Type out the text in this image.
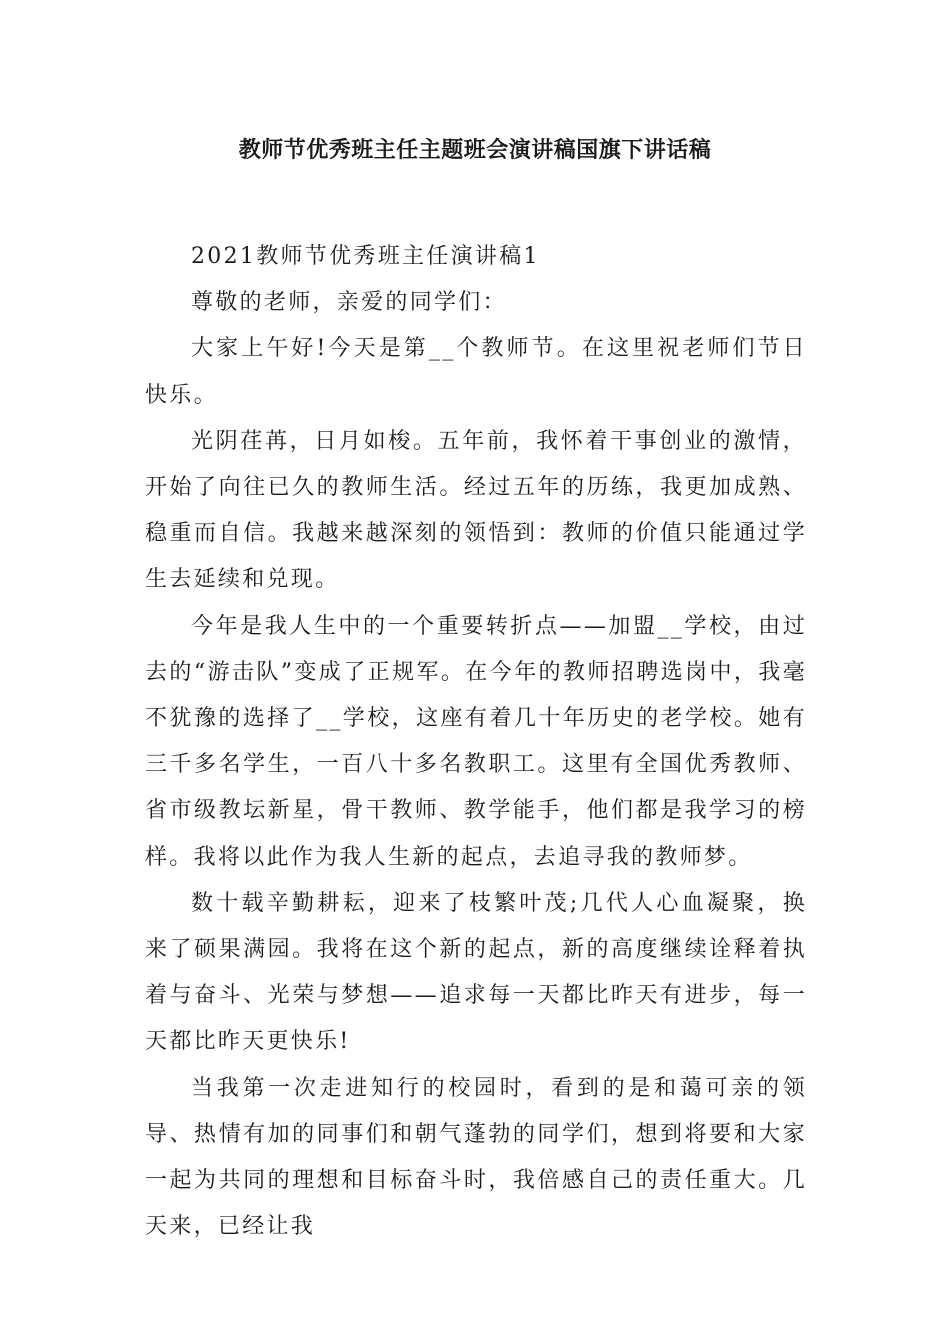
教师节优秀班主任主题班会演讲稿国旗下讲话稿

2021教师节优秀班主任演讲稿1

尊敬的老师，亲爱的同学们：

大家上午好!今天是第__个教师节。在这里祝老师们节日快乐。

光阴荏苒，日月如梭。五年前，我怀着干事创业的激情，开始了向往已久的教师生活。经过五年的历练，我更加成熟、稳重而自信。我越来越深刻的领悟到：教师的价值只能通过学生去延续和兑现。

今年是我人生中的一个重要转折点——加盟__学校，由过去的“游击队”变成了正规军。在今年的教师招聘选岗中，我毫不犹豫的选择了__学校，这座有着几十年历史的老学校。她有三千多名学生，一百八十多名教职工。这里有全国优秀教师、省市级教坛新星，骨干教师、教学能手，他们都是我学习的榜样。我将以此作为我人生新的起点，去追寻我的教师梦。

数十载辛勤耕耘，迎来了枝繁叶茂;几代人心血凝聚，换来了硕果满园。我将在这个新的起点，新的高度继续诠释着执着与奋斗、光荣与梦想——追求每一天都比昨天有进步，每一天都比昨天更快乐!

当我第一次走进知行的校园时，看到的是和蔼可亲的领导、热情有加的同事们和朝气蓬勃的同学们，想到将要和大家一起为共同的理想和目标奋斗时，我倍感自己的责任重大。几天来，已经让我
